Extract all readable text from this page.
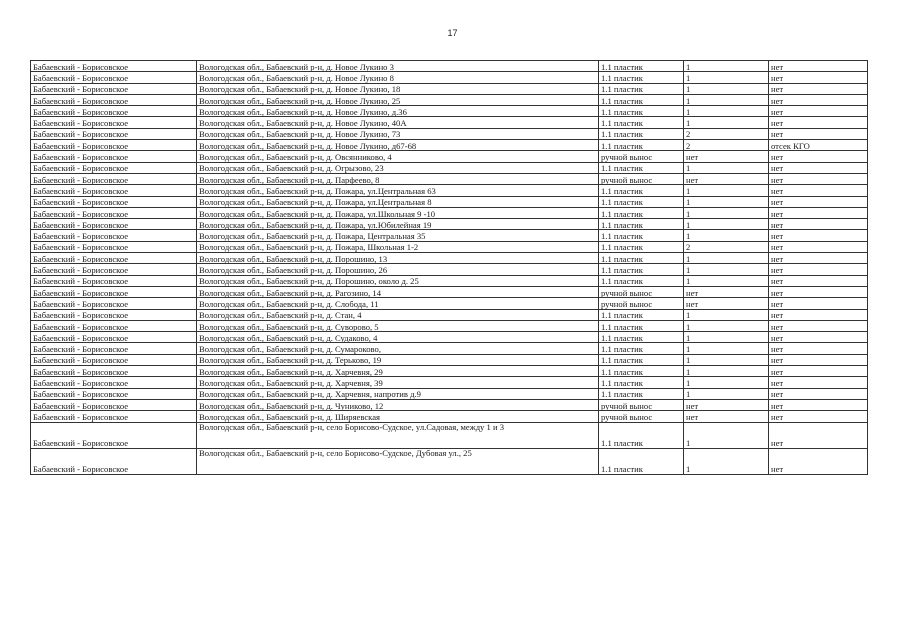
17
Бабаевский - Борисовское	Вологодская обл., Бабаевский р-н, д. Новое Лукино 3	1.1 пластик	1	нет
Бабаевский - Борисовское	Вологодская обл., Бабаевский р-н, д. Новое Лукино 8	1.1 пластик	1	нет
Бабаевский - Борисовское	Вологодская обл., Бабаевский р-н, д. Новое Лукино, 18	1.1 пластик	1	нет
Бабаевский - Борисовское	Вологодская обл., Бабаевский р-н, д. Новое Лукино, 25	1.1 пластик	1	нет
Бабаевский - Борисовское	Вологодская обл., Бабаевский р-н, д. Новое Лукино, д.36	1.1 пластик	1	нет
Бабаевский - Борисовское	Вологодская обл., Бабаевский р-н, д. Новое Лукино, 40А	1.1 пластик	1	нет
Бабаевский - Борисовское	Вологодская обл., Бабаевский р-н, д. Новое Лукино, 73	1.1 пластик	2	нет
Бабаевский - Борисовское	Вологодская обл., Бабаевский р-н, д. Новое Лукино, д67-68	1.1 пластик	2	отсек КГО
Бабаевский - Борисовское	Вологодская обл., Бабаевский р-н, д. Овсянниково, 4	ручной вынос	нет	нет
Бабаевский - Борисовское	Вологодская обл., Бабаевский р-н, д. Огрызово, 23	1.1 пластик	1	нет
Бабаевский - Борисовское	Вологодская обл., Бабаевский р-н, д. Парфеево, 8	ручной вынос	нет	нет
Бабаевский - Борисовское	Вологодская обл., Бабаевский р-н, д. Пожара, ул.Центральная 63	1.1 пластик	1	нет
Бабаевский - Борисовское	Вологодская обл., Бабаевский р-н, д. Пожара, ул.Центральная 8	1.1 пластик	1	нет
Бабаевский - Борисовское	Вологодская обл., Бабаевский р-н, д. Пожара, ул.Школьная 9 -10	1.1 пластик	1	нет
Бабаевский - Борисовское	Вологодская обл., Бабаевский р-н, д. Пожара, ул.Юбилейная 19	1.1 пластик	1	нет
Бабаевский - Борисовское	Вологодская обл., Бабаевский р-н, д. Пожара, Центральная 35	1.1 пластик	1	нет
Бабаевский - Борисовское	Вологодская обл., Бабаевский р-н, д. Пожара, Школьная 1-2	1.1 пластик	2	нет
Бабаевский - Борисовское	Вологодская обл., Бабаевский р-н, д. Порошино, 13	1.1 пластик	1	нет
Бабаевский - Борисовское	Вологодская обл., Бабаевский р-н, д. Порошино, 26	1.1 пластик	1	нет
Бабаевский - Борисовское	Вологодская обл., Бабаевский р-н, д. Порошино, около д. 25	1.1 пластик	1	нет
Бабаевский - Борисовское	Вологодская обл., Бабаевский р-н, д. Рагозино, 14	ручной вынос	нет	нет
Бабаевский - Борисовское	Вологодская обл., Бабаевский р-н, д. Слобода, 11	ручной вынос	нет	нет
Бабаевский - Борисовское	Вологодская обл., Бабаевский р-н, д. Стан, 4	1.1 пластик	1	нет
Бабаевский - Борисовское	Вологодская обл., Бабаевский р-н, д. Суворово, 5	1.1 пластик	1	нет
Бабаевский - Борисовское	Вологодская обл., Бабаевский р-н, д. Судаково, 4	1.1 пластик	1	нет
Бабаевский - Борисовское	Вологодская обл., Бабаевский р-н, д. Сумароково,	1.1 пластик	1	нет
Бабаевский - Борисовское	Вологодская обл., Бабаевский р-н, д. Терьково, 19	1.1 пластик	1	нет
Бабаевский - Борисовское	Вологодская обл., Бабаевский р-н, д. Харчевня, 29	1.1 пластик	1	нет
Бабаевский - Борисовское	Вологодская обл., Бабаевский р-н, д. Харчевня, 39	1.1 пластик	1	нет
Бабаевский - Борисовское	Вологодская обл., Бабаевский р-н, д. Харчевня, напротив д.9	1.1 пластик	1	нет
Бабаевский - Борисовское	Вологодская обл., Бабаевский р-н, д. Чуниково, 12	ручной вынос	нет	нет
Бабаевский - Борисовское	Вологодская обл., Бабаевский р-н, д. Ширяевская	ручной вынос	нет	нет
Бабаевский - Борисовское	Вологодская обл., Бабаевский р-н, село Борисово-Судское, ул.Садовая, между 1 и 3	1.1 пластик	1	нет
Бабаевский - Борисовское	Вологодская обл., Бабаевский р-н, село Борисово-Судское, Дубовая ул., 25	1.1 пластик	1	нет
